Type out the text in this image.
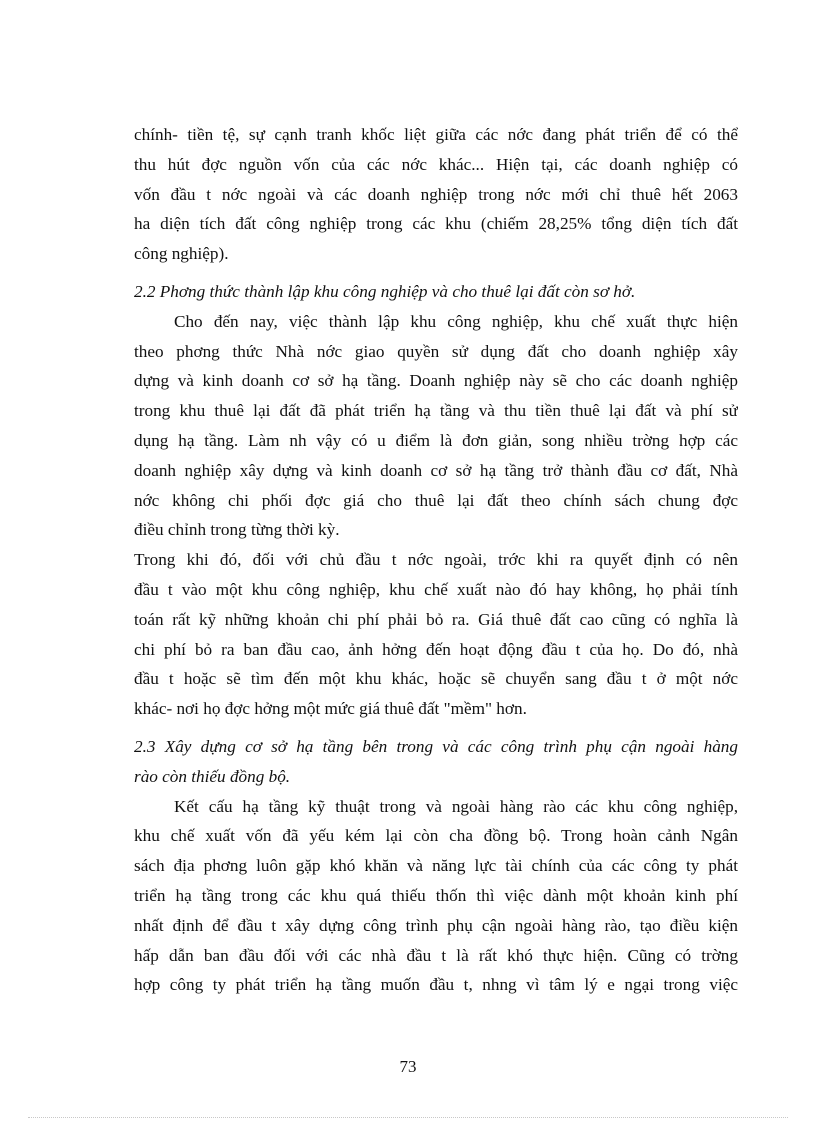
chính- tiền tệ, sự cạnh tranh khốc liệt giữa các nớc đang phát triển để có thể
thu hút đợc nguồn vốn của các nớc khác... Hiện tại, các doanh nghiệp có
vốn đầu t nớc ngoài và các doanh nghiệp trong nớc mới chỉ thuê hết 2063
ha diện tích đất công nghiệp trong các khu (chiếm 28,25% tổng diện tích đất
công nghiệp).
2.2 Phơng thức thành lập khu công nghiệp và cho thuê lại đất còn sơ hở.
Cho đến nay, việc thành lập khu công nghiệp, khu chế xuất thực hiện
theo phơng thức Nhà nớc giao quyền sử dụng đất cho doanh nghiệp xây
dựng và kinh doanh cơ sở hạ tầng. Doanh nghiệp này sẽ cho các doanh nghiệp
trong khu thuê lại đất đã phát triển hạ tầng và thu tiền thuê lại đất và phí sử
dụng hạ tầng. Làm nh vậy có u điểm là đơn giản, song nhiều trờng hợp các
doanh nghiệp xây dựng và kinh doanh cơ sở hạ tầng trở thành đầu cơ đất, Nhà
nớc không chi phối đợc giá cho thuê lại đất theo chính sách chung đợc
điều chỉnh trong từng thời kỳ.
Trong khi đó, đối với chủ đầu t nớc ngoài, trớc khi ra quyết định có nên
đầu t vào một khu công nghiệp, khu chế xuất nào đó hay không, họ phải tính
toán rất kỹ những khoản chi phí phải bỏ ra. Giá thuê đất cao cũng có nghĩa là
chi phí bỏ ra ban đầu cao, ảnh hởng đến hoạt động đầu t của họ. Do đó, nhà
đầu t hoặc sẽ tìm đến một khu khác, hoặc sẽ chuyển sang đầu t ở một nớc
khác- nơi họ đợc hởng một mức giá thuê đất "mềm" hơn.
2.3 Xây dựng cơ sở hạ tầng bên trong và các công trình phụ cận ngoài hàng
rào còn thiếu đồng bộ.
Kết cấu hạ tầng kỹ thuật trong và ngoài hàng rào các khu công nghiệp,
khu chế xuất vốn đã yếu kém lại còn cha đồng bộ. Trong hoàn cảnh Ngân
sách địa phơng luôn gặp khó khăn và năng lực tài chính của các công ty phát
triển hạ tầng trong các khu quá thiếu thốn thì việc dành một khoản kinh phí
nhất định để đầu t xây dựng công trình phụ cận ngoài hàng rào, tạo điều kiện
hấp dẫn ban đầu đối với các nhà đầu t là rất khó thực hiện. Cũng có trờng
hợp công ty phát triển hạ tầng muốn đầu t, nhng vì tâm lý e ngại trong việc
73
